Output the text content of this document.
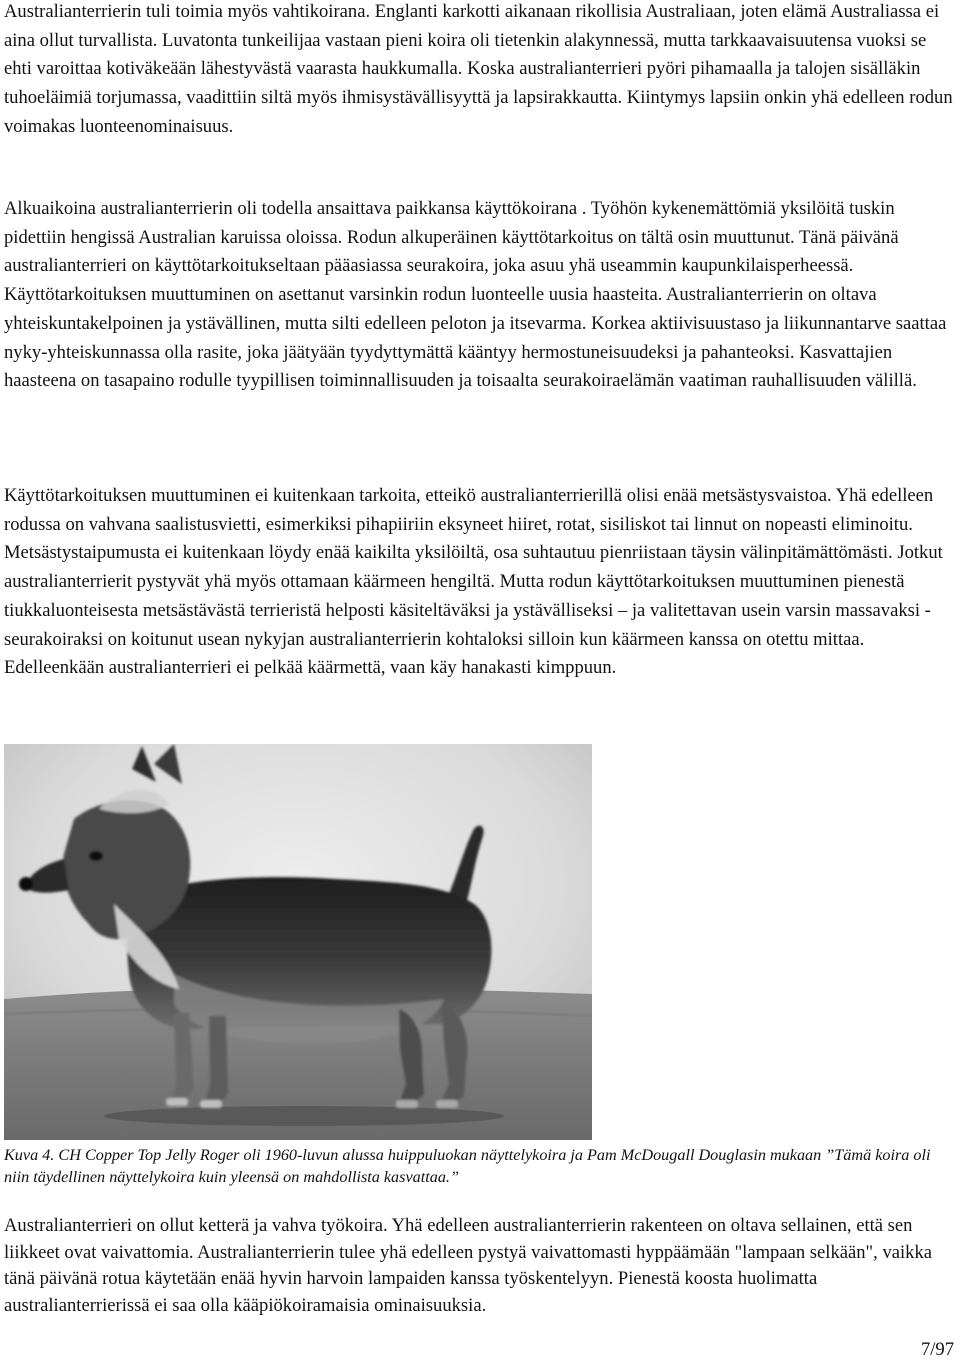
Australianterrierin tuli toimia myös vahtikoirana. Englanti karkotti aikanaan rikollisia Australiaan, joten elämä Australiassa ei aina ollut turvallista. Luvatonta tunkeilijaa vastaan pieni koira oli tietenkin alakynnessä, mutta tarkkaavaisuutensa vuoksi se ehti varoittaa kotiväkeään lähestyvästä vaarasta haukkumalla. Koska australianterrieri pyöri pihamaalla ja talojen sisälläkin tuhoeläimiä torjumassa, vaadittiin siltä myös ihmisystävällisyyttä ja lapsirakkautta. Kiintymys lapsiin onkin yhä edelleen rodun voimakas luonteenominaisuus.

Alkuaikoina australianterrierin oli todella ansaittava paikkansa käyttökoirana . Työhön kykenemättömiä yksilöitä tuskin pidettiin hengissä Australian karuissa oloissa. Rodun alkuperäinen käyttötarkoitus on tältä osin muuttunut. Tänä päivänä australianterrieri on käyttötarkoitukseltaan pääasiassa seurakoira, joka asuu yhä useammin kaupunkilaisperheessä. Käyttötarkoituksen muuttuminen on asettanut varsinkin rodun luonteelle uusia haasteita. Australianterrierin on oltava yhteiskuntakelpoinen ja ystävällinen, mutta silti edelleen peloton ja itsevarma. Korkea aktiivisuustaso ja liikunnantarve saattaa nyky-yhteiskunnassa olla rasite, joka jäätyään tyydyttymättä kääntyy hermostuneisuudeksi ja pahanteoksi. Kasvattajien haasteena on tasapaino rodulle tyypillisen toiminnallisuuden ja toisaalta seurakoiraelämän vaatiman rauhallisuuden välillä.

Käyttötarkoituksen muuttuminen ei kuitenkaan tarkoita, etteikö australianterrierillä olisi enää metsästysvaistoa. Yhä edelleen rodussa on vahvana saalistusvietti, esimerkiksi pihapiiriin eksyneet hiiret, rotat, sisiliskot tai linnut on nopeasti eliminoitu. Metsästystaipumusta ei kuitenkaan löydy enää kaikilta yksilöiltä, osa suhtautuu pienriistaan täysin välinpitämättömästi. Jotkut australianterrierit pystyvät yhä myös ottamaan käärmeen hengiltä. Mutta rodun käyttötarkoituksen muuttuminen pienestä tiukkaluonteisesta metsästävästä terrieristä helposti käsiteltäväksi ja ystävälliseksi – ja valitettavan usein varsin massavaksi - seurakoiraksi on koitunut usean nykyjan australianterrierin kohtaloksi silloin kun käärmeen kanssa on otettu mittaa. Edelleenkään australianterrieri ei pelkää käärmettä, vaan käy hanakasti kimppuun.

Kuva 4. CH Copper Top Jelly Roger oli 1960-luvun alussa huippuluokan näyttelykoira ja Pam McDougall Douglasin mukaan ”Tämä koira oli niin täydellinen näyttelykoira kuin yleensä on mahdollista kasvattaa.”

Australianterrieri on ollut ketterä ja vahva työkoira. Yhä edelleen australianterrierin rakenteen on oltava sellainen, että sen liikkeet ovat vaivattomia. Australianterrierin tulee yhä edelleen pystyä vaivattomasti hyppäämään "lampaan selkään", vaikka tänä päivänä rotua käytetään enää hyvin harvoin lampaiden kanssa työskentelyyn. Pienestä koosta huolimatta australianterrierissä ei saa olla kääpiökoiramaisia ominaisuuksia.

7/97
